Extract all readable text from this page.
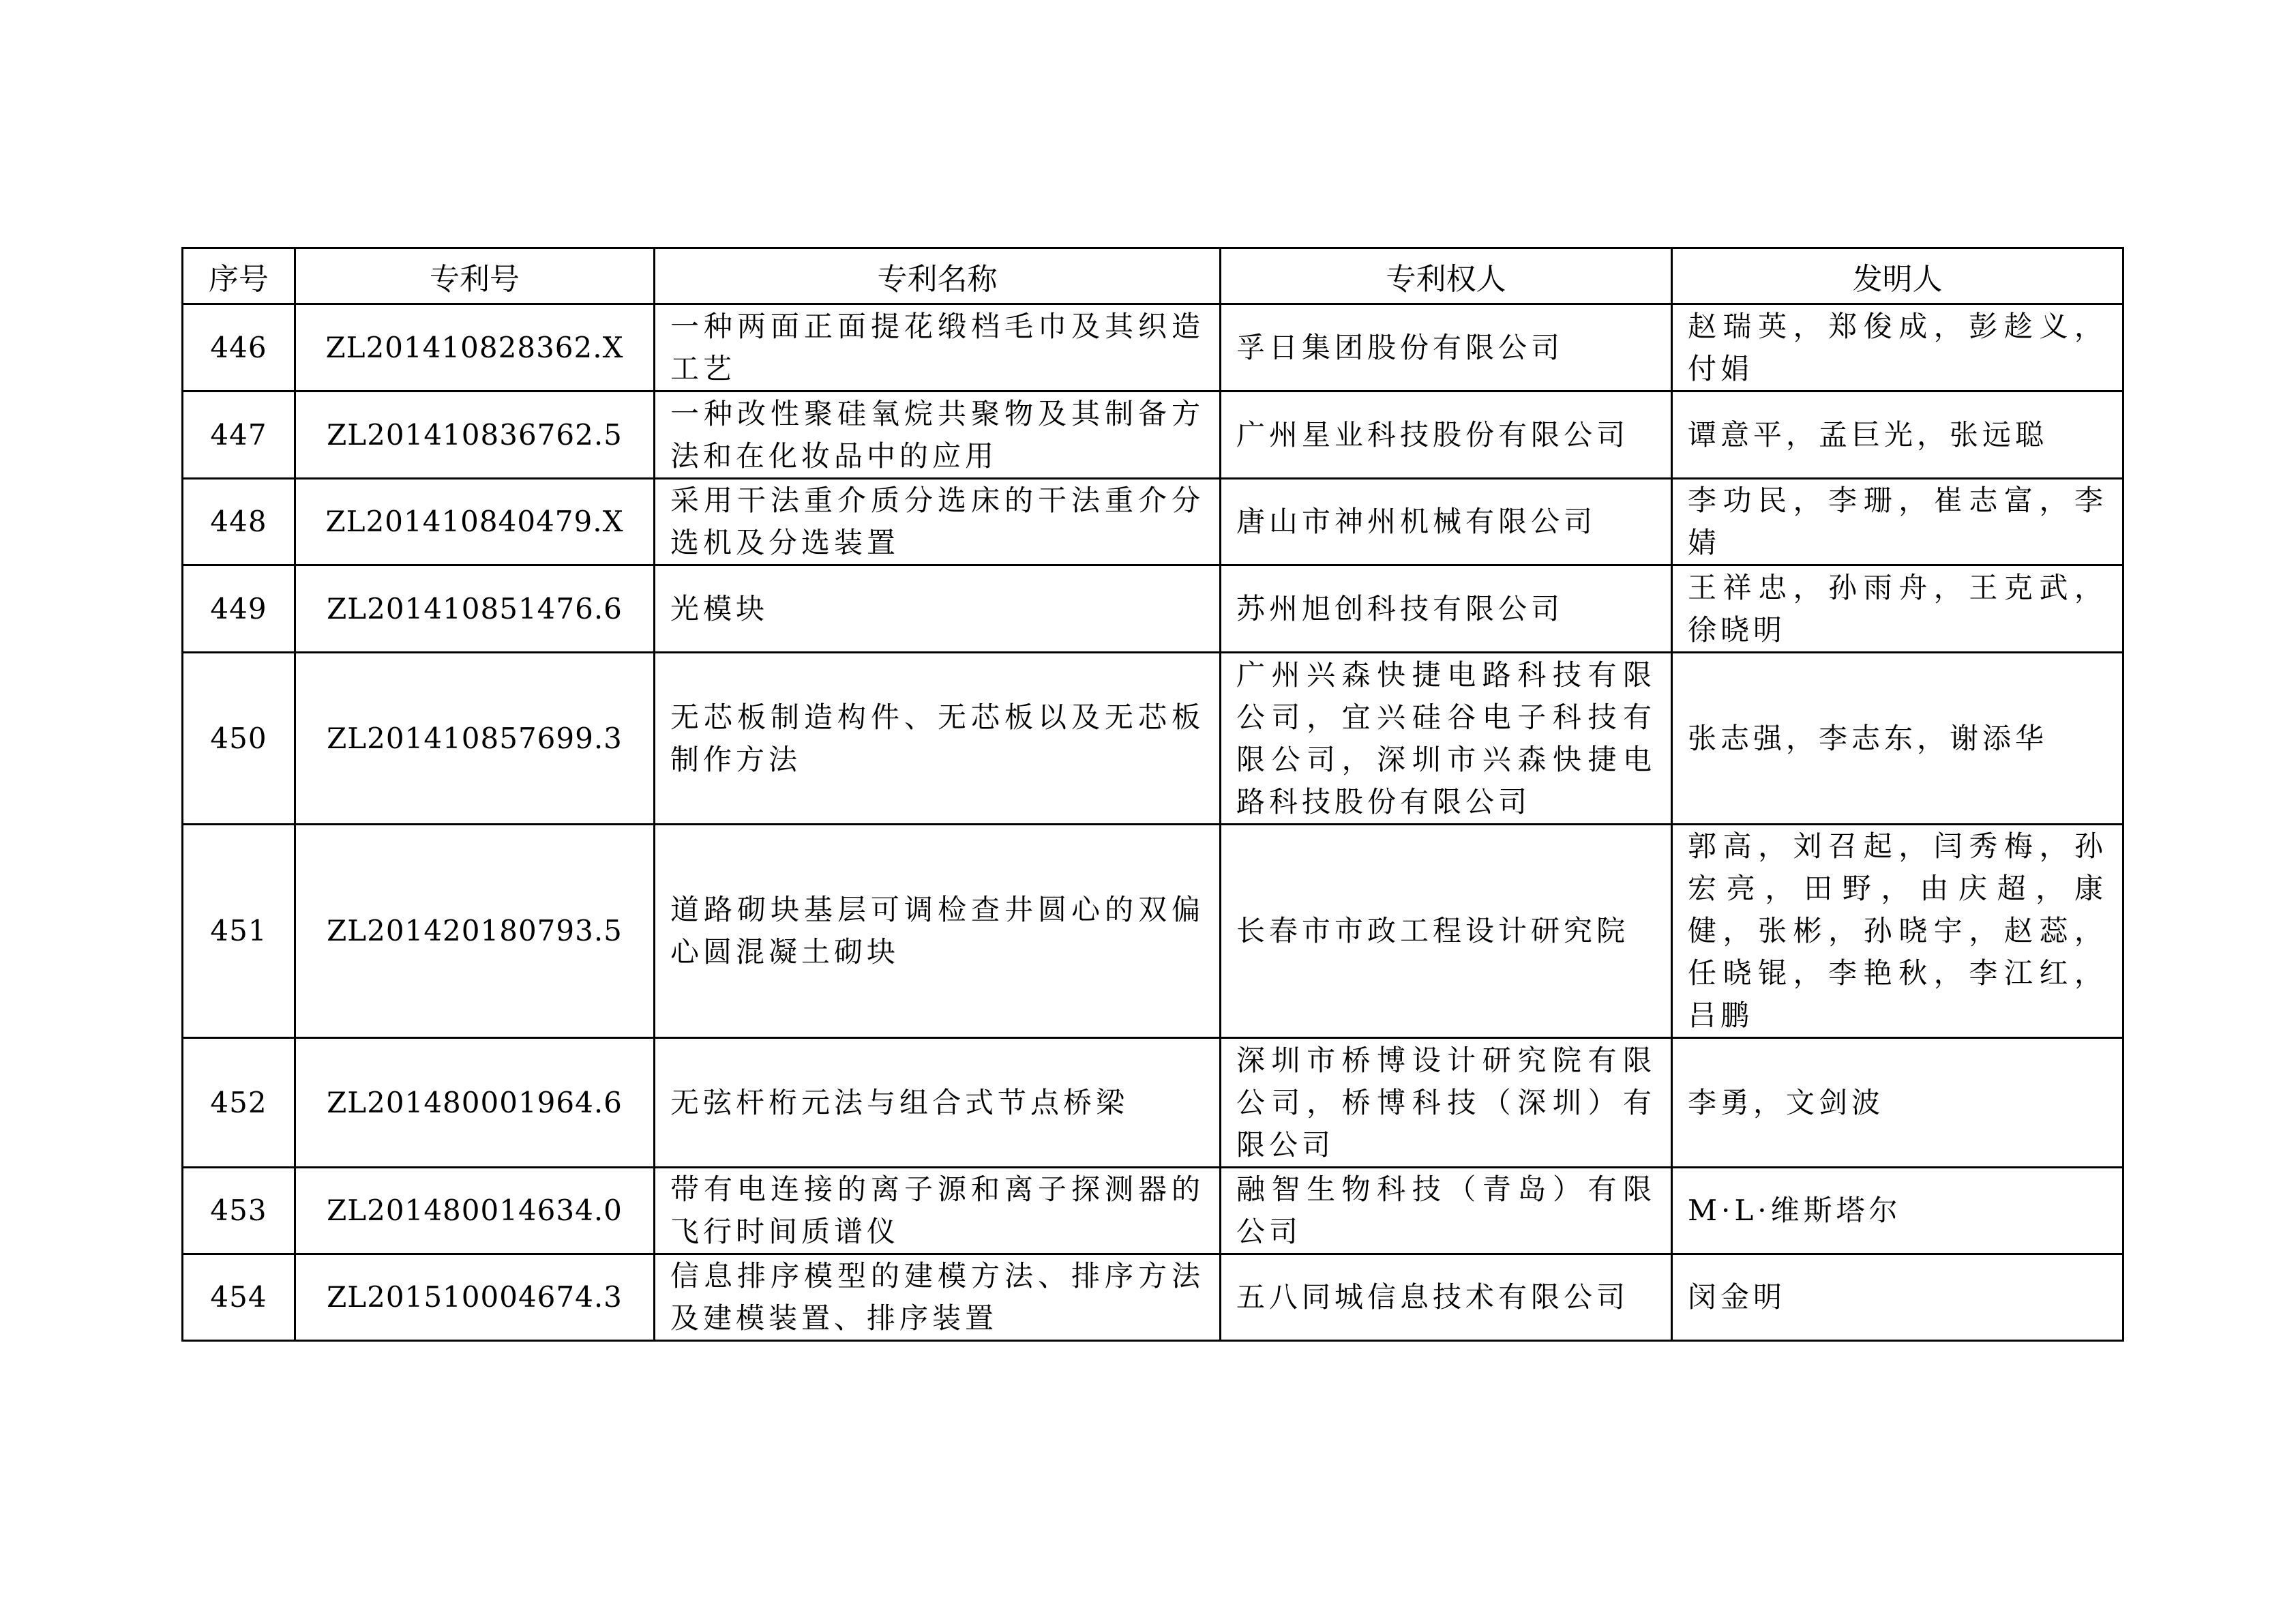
序号	专利号	专利名称	专利权人	发明人
446	ZL201410828362.X	一种两面正面提花缎档毛巾及其织造工艺	孚日集团股份有限公司	赵瑞英，郑俊成，彭趁义，付娟
447	ZL201410836762.5	一种改性聚硅氧烷共聚物及其制备方法和在化妆品中的应用	广州星业科技股份有限公司	谭意平，孟巨光，张远聪
448	ZL201410840479.X	采用干法重介质分选床的干法重介分选机及分选装置	唐山市神州机械有限公司	李功民，李珊，崔志富，李婧
449	ZL201410851476.6	光模块	苏州旭创科技有限公司	王祥忠，孙雨舟，王克武，徐晓明
450	ZL201410857699.3	无芯板制造构件、无芯板以及无芯板制作方法	广州兴森快捷电路科技有限公司，宜兴硅谷电子科技有限公司，深圳市兴森快捷电路科技股份有限公司	张志强，李志东，谢添华
451	ZL201420180793.5	道路砌块基层可调检查井圆心的双偏心圆混凝土砌块	长春市市政工程设计研究院	郭高，刘召起，闫秀梅，孙宏亮，田野，由庆超，康健，张彬，孙晓宇，赵蕊，任晓锟，李艳秋，李江红，吕鹏
452	ZL201480001964.6	无弦杆桁元法与组合式节点桥梁	深圳市桥博设计研究院有限公司，桥博科技（深圳）有限公司	李勇，文剑波
453	ZL201480014634.0	带有电连接的离子源和离子探测器的飞行时间质谱仪	融智生物科技（青岛）有限公司	M·L·维斯塔尔
454	ZL201510004674.3	信息排序模型的建模方法、排序方法及建模装置、排序装置	五八同城信息技术有限公司	闵金明
